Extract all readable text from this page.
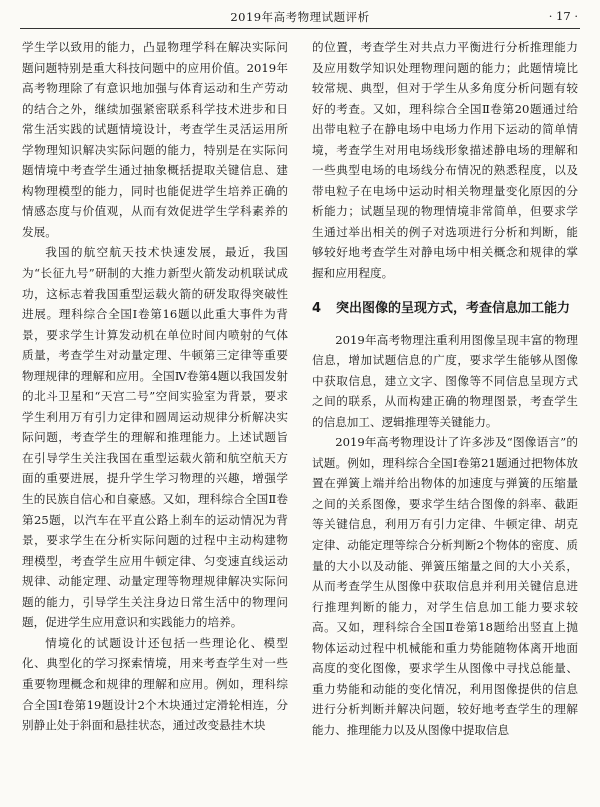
2019年高考物理试题评析	· 17 ·

学生学以致用的能力，凸显物理学科在解决实际问题问题特别是重大科技问题中的应用价值。2019年高考物理除了有意识地加强与体育运动和生产劳动的结合之外，继续加强紧密联系科学技术进步和日常生活实践的试题情境设计，考查学生灵活运用所学物理知识解决实际问题的能力，特别是在实际问题情境中考查学生通过抽象概括提取关键信息、建构物理模型的能力，同时也能促进学生培养正确的情感态度与价值观，从而有效促进学生学科素养的发展。

我国的航空航天技术快速发展，最近，我国为“长征九号”研制的大推力新型火箭发动机联试成功，这标志着我国重型运载火箭的研发取得突破性进展。理科综合全国Ⅰ卷第16题以此重大事件为背景，要求学生计算发动机在单位时间内喷射的气体质量，考查学生对动量定理、牛顿第三定律等重要物理规律的理解和应用。全国Ⅳ卷第4题以我国发射的北斗卫星和“天宫二号”空间实验室为背景，要求学生利用万有引力定律和圆周运动规律分析解决实际问题，考查学生的理解和推理能力。上述试题旨在引导学生关注我国在重型运载火箭和航空航天方面的重要进展，提升学生学习物理的兴趣，增强学生的民族自信心和自豪感。又如，理科综合全国Ⅱ卷第25题，以汽车在平直公路上刹车的运动情况为背景，要求学生在分析实际问题的过程中主动构建物理模型，考查学生应用牛顿定律、匀变速直线运动规律、动能定理、动量定理等物理规律解决实际问题的能力，引导学生关注身边日常生活中的物理问题，促进学生应用意识和实践能力的培养。

情境化的试题设计还包括一些理论化、模型化、典型化的学习探索情境，用来考查学生对一些重要物理概念和规律的理解和应用。例如，理科综合全国Ⅰ卷第19题设计2个木块通过定滑轮相连，分别静止处于斜面和悬挂状态，通过改变悬挂木块

的位置，考查学生对共点力平衡进行分析推理能力及应用数学知识处理物理问题的能力；此题情境比较常规、典型，但对于学生从多角度分析问题有较好的考查。又如，理科综合全国Ⅱ卷第20题通过给出带电粒子在静电场中电场力作用下运动的简单情境，考查学生对用电场线形象描述静电场的理解和一些典型电场的电场线分布情况的熟悉程度，以及带电粒子在电场中运动时相关物理量变化原因的分析能力；试题呈现的物理情境非常简单，但要求学生通过举出相关的例子对选项进行分析和判断，能够较好地考查学生对静电场中相关概念和规律的掌握和应用程度。

4	突出图像的呈现方式，考查信息加工能力

2019年高考物理注重利用图像呈现丰富的物理信息，增加试题信息的广度，要求学生能够从图像中获取信息，建立文字、图像等不同信息呈现方式之间的联系，从而构建正确的物理图景，考查学生的信息加工、逻辑推理等关键能力。

2019年高考物理设计了许多涉及“图像语言”的试题。例如，理科综合全国Ⅰ卷第21题通过把物体放置在弹簧上端并给出物体的加速度与弹簧的压缩量之间的关系图像，要求学生结合图像的斜率、截距等关键信息，利用万有引力定律、牛顿定律、胡克定律、动能定理等综合分析判断2个物体的密度、质量的大小以及动能、弹簧压缩量之间的大小关系，从而考查学生从图像中获取信息并利用关键信息进行推理判断的能力，对学生信息加工能力要求较高。又如，理科综合全国Ⅱ卷第18题给出竖直上抛物体运动过程中机械能和重力势能随物体离开地面高度的变化图像，要求学生从图像中寻找总能量、重力势能和动能的变化情况，利用图像提供的信息进行分析判断并解决问题，较好地考查学生的理解能力、推理能力以及从图像中提取信息
